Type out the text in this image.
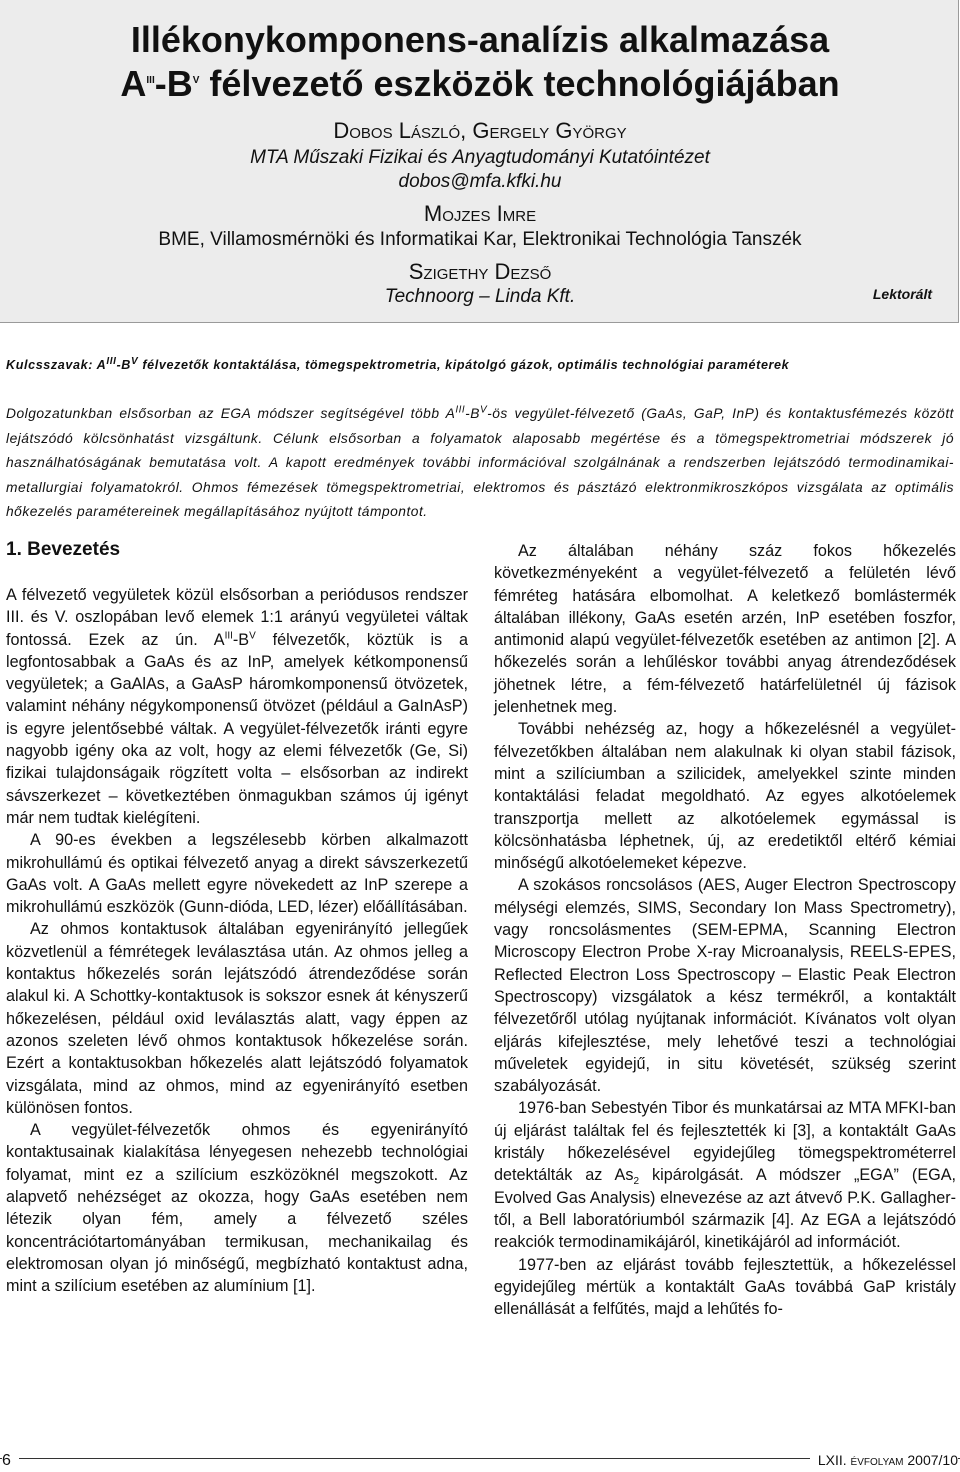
Illékonykomponens-analízis alkalmazása
$A^{III}-B^V$ félvezető eszközök technológiájában
Dobos László, Gergely György
MTA Műszaki Fizikai és Anyagtudományi Kutatóintézet
dobos@mfa.kfki.hu
Mojzes Imre
BME, Villamosmérnöki és Informatikai Kar, Elektronikai Technológia Tanszék
Szigethy Dezső
Technoorg – Linda Kft.	Lektorált
Kulcsszavak: $A^{III}-B^V$ félvezetők kontaktálása, tömegspektrometria, kipátolgó gázok, optimális technológiai paraméterek
Dolgozatunkban elsősorban az EGA módszer segítségével több $A^{III}-B^V-ös$ vegyület-félvezető (GaAs, GaP, InP) és kontaktusfémezés között lejátszódó kölcsönhatást vizsgáltunk. Célunk elsősorban a folyamatok alaposabb megértése és a tömegspektrometriai módszerek jó használhatóságának bemutatása volt. A kapott eredmények további információval szolgálnának a rendszerben lejátszódó termodinamikai-metallurgiai folyamatokról. Ohmos fémezések tömegspektrometriai, elektromos és pásztázó elektronmikroszkópos vizsgálata az optimális hőkezelés paramétereinek megállapításához nyújtott támpontot.
1. Bevezetés

A félvezető vegyületek közül elsősorban a periódusos rendszer III. és V. oszlopában levő elemek 1:1 arányú vegyületei váltak fontossá. Ezek az ún. $A^{III}-B^V$ félvezetők, köztük is a legfontosabbak a GaAs és az InP, amelyek kétkomponensű vegyületek; a GaAlAs, a GaAsP háromkomponensű ötvözetek, valamint néhány négykomponensű ötvözet (például a GaInAsP) is egyre jelentősebbé váltak. A vegyület-félvezetők iránti egyre nagyobb igény oka az volt, hogy az elemi félvezetők (Ge, Si) fizikai tulajdonságaik rögzített volta – elsősorban az indirekt sávszerkezet – következtében önmagukban számos új igényt már nem tudtak kielégíteni.

A 90-es években a legszélesebb körben alkalmazott mikrohullámú és optikai félvezető anyag a direkt sávszerkezetű GaAs volt. A GaAs mellett egyre növekedett az InP szerepe a mikrohullámú eszközök (Gunn-dióda, LED, lézer) előállításában.

Az ohmos kontaktusok általában egyenirányító jellegűek közvetlenül a fémrétegek leválasztása után. Az ohmos jelleg a kontaktus hőkezelés során lejátszódó átrendeződése során alakul ki. A Schottky-kontaktusok is sokszor esnek át kényszerű hőkezelésen, például oxid leválasztás alatt, vagy éppen az azonos szeleten lévő ohmos kontaktusok hőkezelése során. Ezért a kontaktusokban hőkezelés alatt lejátszódó folyamatok vizsgálata, mind az ohmos, mind az egyenirányító esetben különösen fontos.

A vegyület-félvezetők ohmos és egyenirányító kontaktusainak kialakítása lényegesen nehezebb technológiai folyamat, mint ez a szilícium eszközöknél megszokott. Az alapvető nehézséget az okozza, hogy GaAs esetében nem létezik olyan fém, amely a félvezető széles koncentrációtartományában termikusan, mechanikailag és elektromosan olyan jó minőségű, megbízható kontaktust adna, mint a szilícium esetében az alumínium [1].

Az általában néhány száz fokos hőkezelés következményeként a vegyület-félvezető a felületén lévő fémréteg hatására elbomolhat. A keletkező bomlástermék általában illékony, GaAs esetén arzén, InP esetében foszfor, antimonid alapú vegyület-félvezetők esetében az antimon [2]. A hőkezelés során a lehűléskor további anyag átrendeződések jöhetnek létre, a fém-félvezető határfelületnél új fázisok jelenhetnek meg.

További nehézség az, hogy a hőkezelésnél a vegyület-félvezetőkben általában nem alakulnak ki olyan stabil fázisok, mint a szilíciumban a szilicidek, amelyekkel szinte minden kontaktálási feladat megoldható. Az egyes alkotóelemek transzportja mellett az alkotóelemek egymással is kölcsönhatásba léphetnek, új, az eredetiktől eltérő kémiai minőségű alkotóelemeket képezve.

A szokásos roncsolásos (AES, Auger Electron Spectroscopy mélységi elemzés, SIMS, Secondary Ion Mass Spectrometry), vagy roncsolásmentes (SEM-EPMA, Scanning Electron Microscopy Electron Probe X-ray Microanalysis, REELS-EPES, Reflected Electron Loss Spectroscopy – Elastic Peak Electron Spectroscopy) vizsgálatok a kész termékről, a kontaktált félvezetőről utólag nyújtanak információt. Kívánatos volt olyan eljárás kifejlesztése, mely lehetővé teszi a technológiai műveletek egyidejű, in situ követését, szükség szerint szabályozását.

1976-ban Sebestyén Tibor és munkatársai az MTA MFKI-ban új eljárást találtak fel és fejlesztették ki [3], a kontaktált GaAs kristály hőkezelésével egyidejűleg tömegspektrométerrel detektálták az $As_2$ kipárolgását. A módszer „EGA” (EGA, Evolved Gas Analysis) elnevezése az azt átvevő P.K. Gallagher-től, a Bell laboratóriumból származik [4]. Az EGA a lejátszódó reakciók termodinamikájáról, kinetikájáról ad információt.

1977-ben az eljárást tovább fejlesztettük, a hőkezeléssel egyidejűleg mértük a kontaktált GaAs továbbá GaP kristály ellenállását a felfűtés, majd a lehűtés fo-

6	LXII. évfolyam 2007/10
